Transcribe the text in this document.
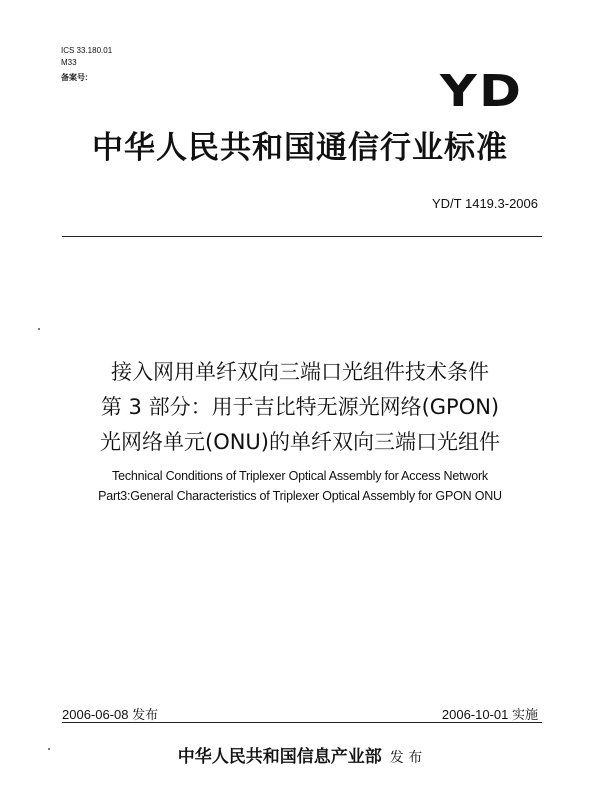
ICS 33.180.01
M33
备案号:	YD
中华人民共和国通信行业标准
YD/T 1419.3-2006
接入网用单纤双向三端口光组件技术条件
第 3 部分：用于吉比特无源光网络(GPON)
光网络单元(ONU)的单纤双向三端口光组件
Technical Conditions of Triplexer Optical Assembly for Access Network
Part3:General Characteristics of Triplexer Optical Assembly for GPON ONU
2006-06-08 发布	2006-10-01 实施
中华人民共和国信息产业部 发 布
